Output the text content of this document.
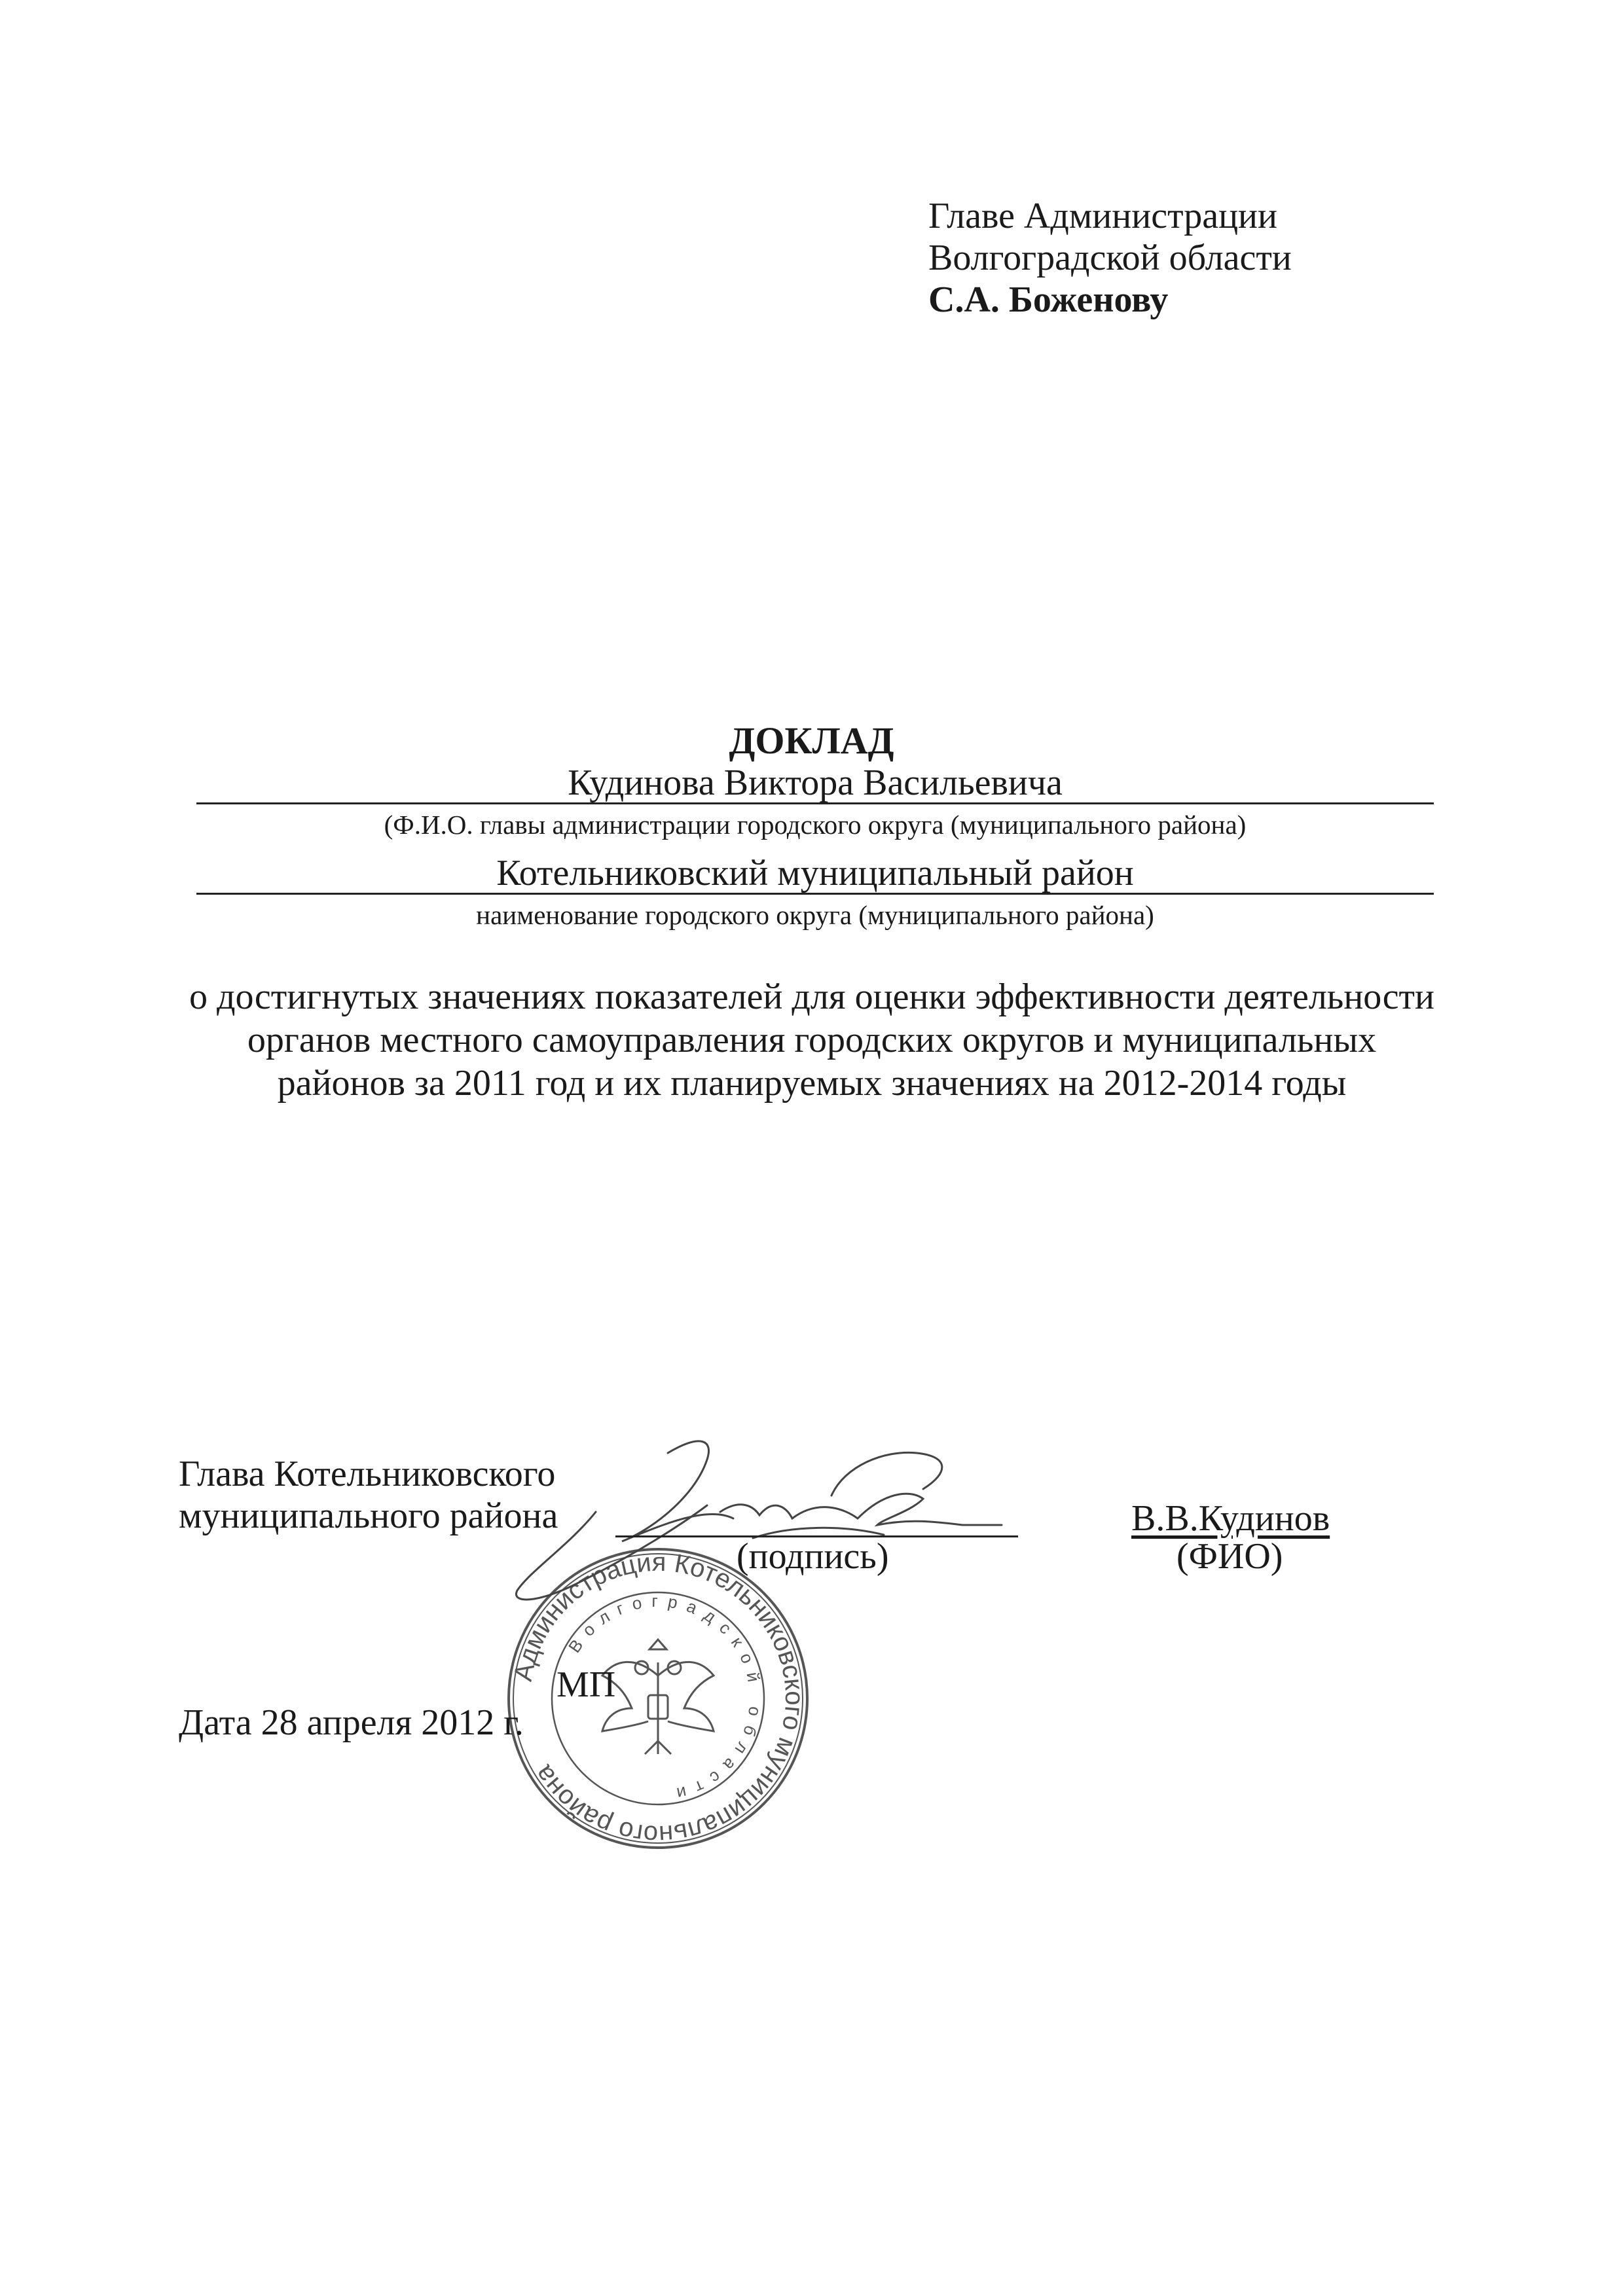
Главе Администрации
Волгоградской области
С.А. Боженову
ДОКЛАД
Кудинова Виктора Васильевича
(Ф.И.О. главы администрации городского округа (муниципального района)
Котельниковский муниципальный район
наименование городского округа (муниципального района)
о достигнутых значениях показателей для оценки эффективности деятельности
органов местного самоуправления городских округов и муниципальных
районов за 2011 год и их планируемых значениях на 2012-2014 годы
Администрация Котельниковского муниципального района
Волгоградской области
Глава Котельниковского
муниципального района
(подпись)
В.В.Кудинов
(ФИО)
МП
Дата 28 апреля 2012 г.
